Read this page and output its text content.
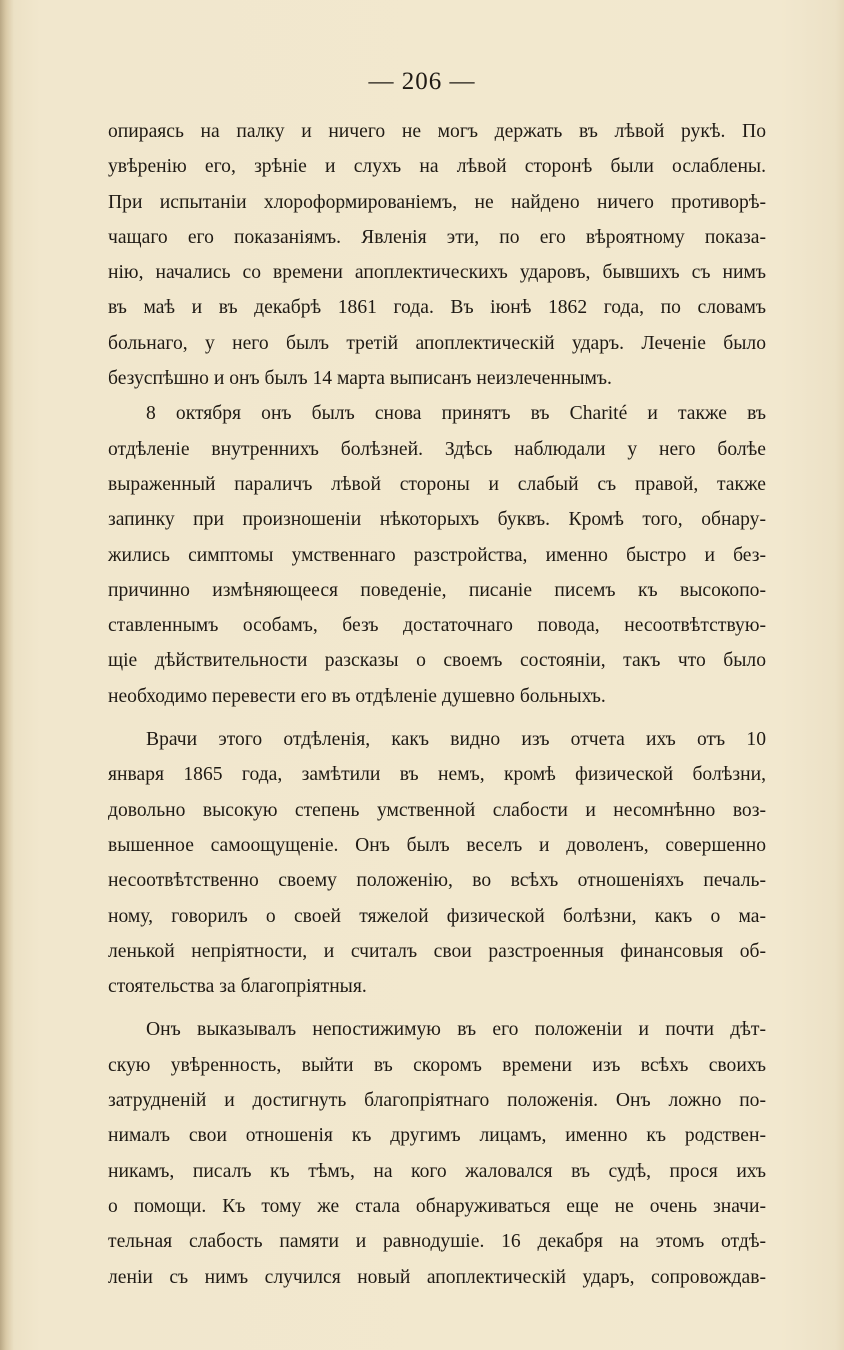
— 206 —
опираясь на палку и ничего не могъ держать въ лѣвой рукѣ. По
увѣренію его, зрѣніе и слухъ на лѣвой сторонѣ были ослаблены.
При испытаніи хлороформированіемъ, не найдено ничего противорѣ-
чащаго его показаніямъ. Явленія эти, по его вѣроятному показа-
нію, начались со времени апоплектическихъ ударовъ, бывшихъ съ нимъ
въ маѣ и въ декабрѣ 1861 года. Въ іюнѣ 1862 года, по словамъ
больнаго, у него былъ третій апоплектическій ударъ. Леченіе было
безуспѣшно и онъ былъ 14 марта выписанъ неизлеченнымъ.
8 октября онъ былъ снова принятъ въ Charité и также въ
отдѣленіе внутреннихъ болѣзней. Здѣсь наблюдали у него болѣе
выраженный параличъ лѣвой стороны и слабый съ правой, также
запинку при произношеніи нѣкоторыхъ буквъ. Кромѣ того, обнару-
жились симптомы умственнаго разстройства, именно быстро и без-
причинно измѣняющееся поведеніе, писаніе писемъ къ высокопо-
ставленнымъ особамъ, безъ достаточнаго повода, несоотвѣтствую-
щіе дѣйствительности разсказы о своемъ состояніи, такъ что было
необходимо перевести его въ отдѣленіе душевно больныхъ.
Врачи этого отдѣленія, какъ видно изъ отчета ихъ отъ 10
января 1865 года, замѣтили въ немъ, кромѣ физической болѣзни,
довольно высокую степень умственной слабости и несомнѣнно воз-
вышенное самоощущеніе. Онъ былъ веселъ и доволенъ, совершенно
несоотвѣтственно своему положенію, во всѣхъ отношеніяхъ печаль-
ному, говорилъ о своей тяжелой физической болѣзни, какъ о ма-
ленькой непріятности, и считалъ свои разстроенныя финансовыя об-
стоятельства за благопріятныя.
Онъ выказывалъ непостижимую въ его положеніи и почти дѣт-
скую увѣренность, выйти въ скоромъ времени изъ всѣхъ своихъ
затрудненій и достигнуть благопріятнаго положенія. Онъ ложно по-
нималъ свои отношенія къ другимъ лицамъ, именно къ родствен-
никамъ, писалъ къ тѣмъ, на кого жаловался въ судѣ, прося ихъ
о помощи. Къ тому же стала обнаруживаться еще не очень значи-
тельная слабость памяти и равнодушіе. 16 декабря на этомъ отдѣ-
леніи съ нимъ случился новый апоплектическій ударъ, сопровождав-
